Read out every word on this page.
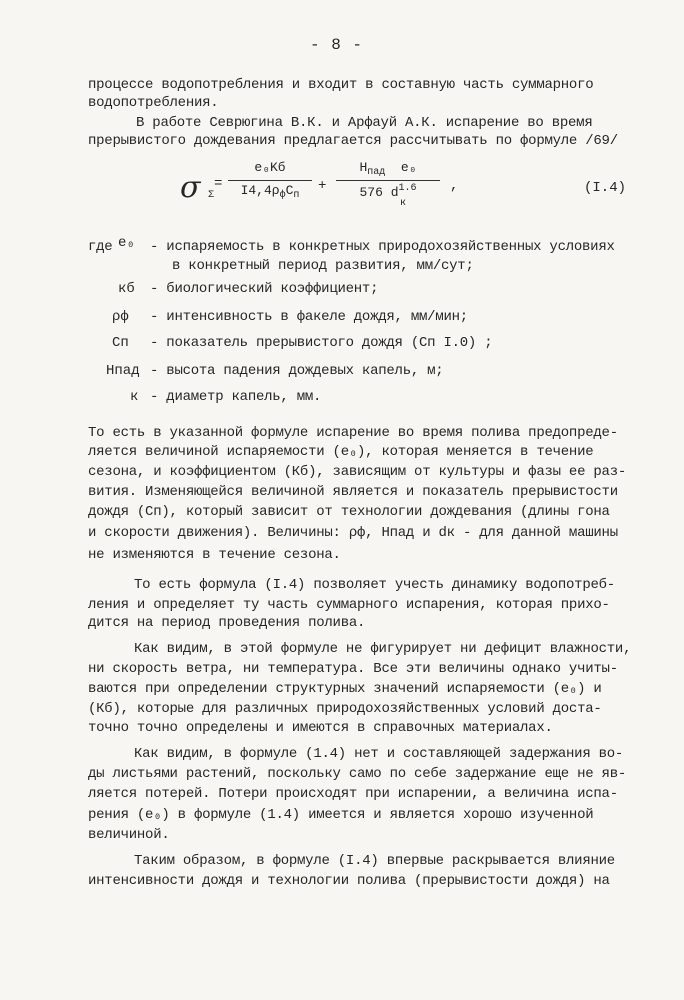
- 8 -
процессе водопотребления и входит в составную часть суммарного
водопотребления.
В работе Севрюгина В.К. и Арфауй А.К. испарение во время
прерывистого дождевания предлагается рассчитывать по формуле /69/
σ Σ
=
e₀Kб
$I4,4\rho_фC_п$
+
$H_{пад}$ e₀
576 $d^{1.6}$
к
,	(I.4)
где e₀ - испаряемость в конкретных природохозяйственных условиях
в конкретный период развития, мм/сут;
кб - биологический коэффициент;
ρф - интенсивность в факеле дождя, мм/мин;
Сп - показатель прерывистого дождя (Сп I.0) ;
Нпад - высота падения дождевых капель, м;
к - диаметр капель, мм.
То есть в указанной формуле испарение во время полива предопреде-
ляется величиной испаряемости (e₀), которая меняется в течение
сезона, и коэффициентом (Кб), зависящим от культуры и фазы ее раз-
вития. Изменяющейся величиной является и показатель прерывистости
дождя (Сп), который зависит от технологии дождевания (длины гона
и скорости движения). Величины: ρф, Нпад и dк - для данной машины
не изменяются в течение сезона.
То есть формула (I.4) позволяет учесть динамику водопотреб-
ления и определяет ту часть суммарного испарения, которая прихо-
дится на период проведения полива.
Как видим, в этой формуле не фигурирует ни дефицит влажности,
ни скорость ветра, ни температура. Все эти величины однако учиты-
ваются при определении структурных значений испаряемости (e₀) и
(Кб), которые для различных природохозяйственных условий доста-
точно точно определены и имеются в справочных материалах.
Как видим, в формуле (1.4) нет и составляющей задержания во-
ды листьями растений, поскольку само по себе задержание еще не яв-
ляется потерей. Потери происходят при испарении, а величина испа-
рения (e₀) в формуле (1.4) имеется и является хорошо изученной
величиной.
Таким образом, в формуле (I.4) впервые раскрывается влияние
интенсивности дождя и технологии полива (прерывистости дождя) на
